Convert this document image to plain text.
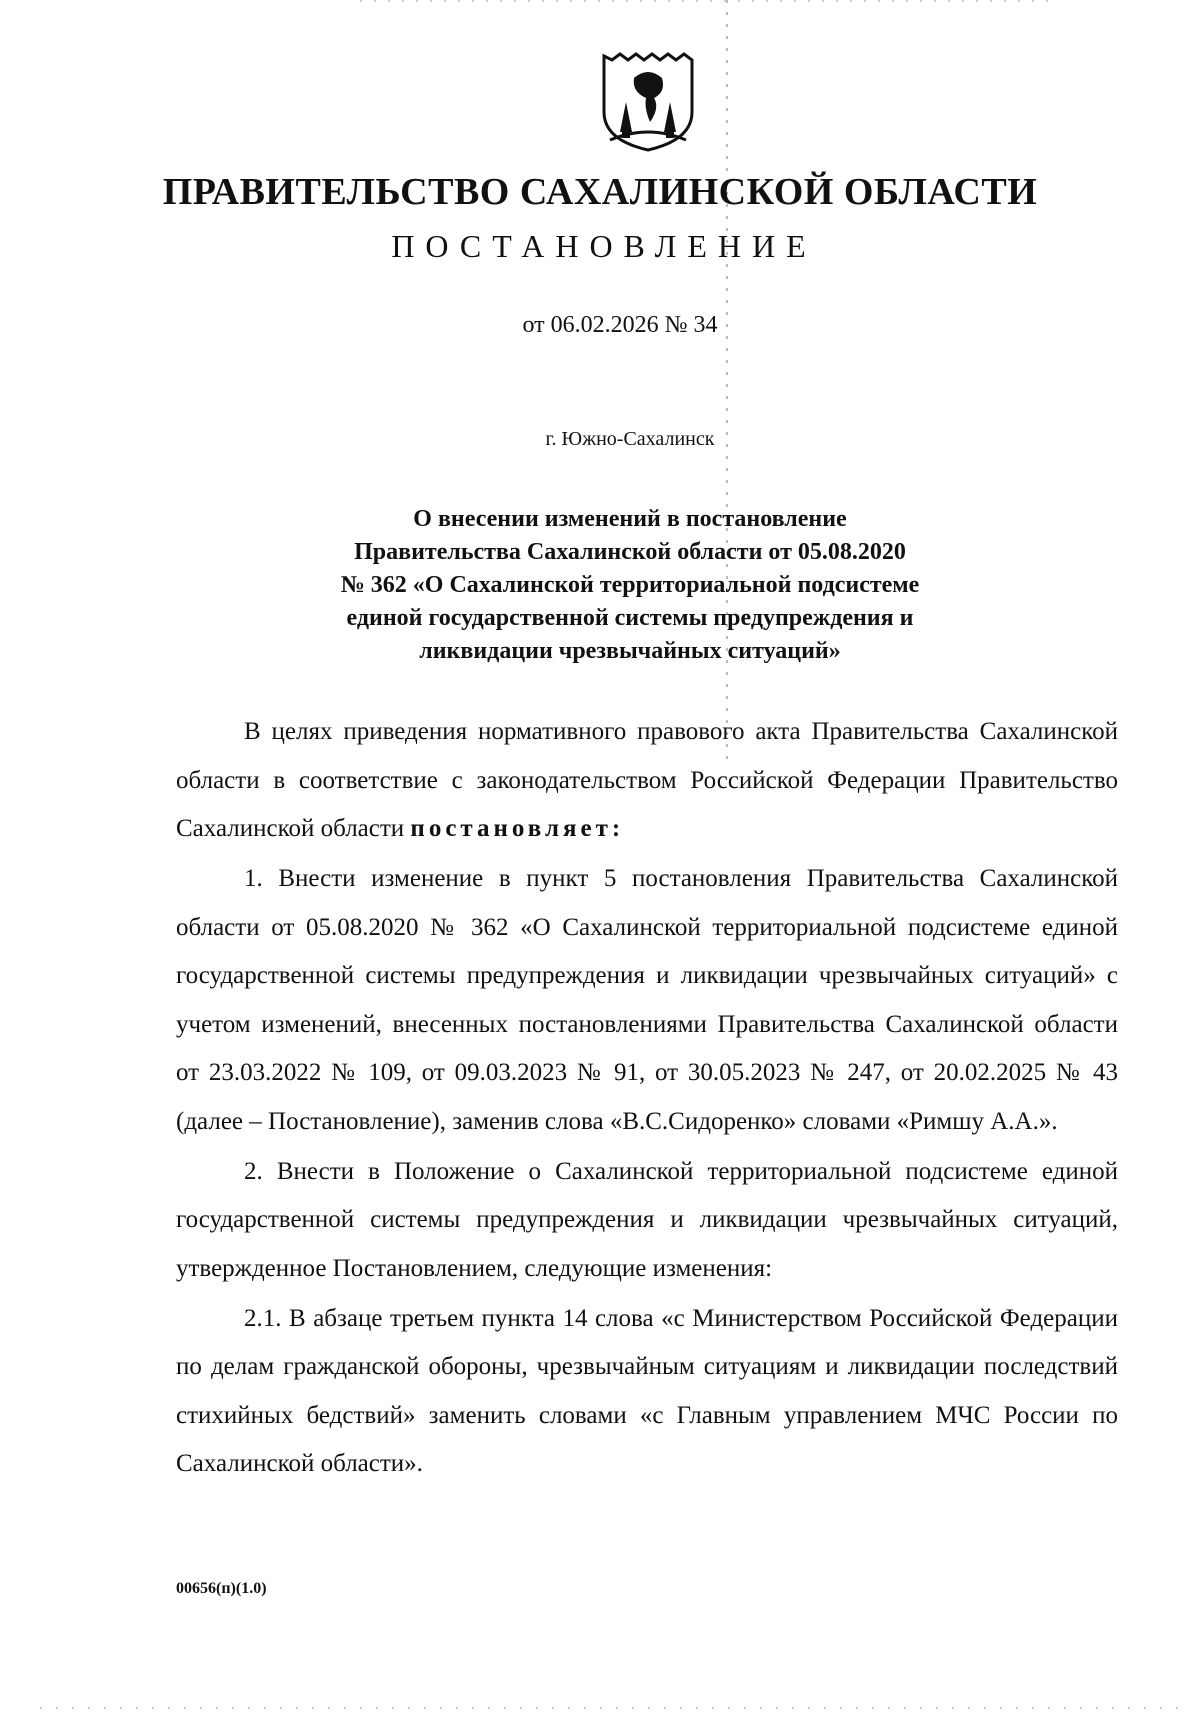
ПРАВИТЕЛЬСТВО САХАЛИНСКОЙ ОБЛАСТИ
ПОСТАНОВЛЕНИЕ
от 06.02.2026 № 34
г. Южно-Сахалинск
О внесении изменений в постановление
Правительства Сахалинской области от 05.08.2020
№ 362 «О Сахалинской территориальной подсистеме
единой государственной системы предупреждения и
ликвидации чрезвычайных ситуаций»

В целях приведения нормативного правового акта Правительства Сахалинской области в соответствие с законодательством Российской Федерации Правительство Сахалинской области постановляет:

1. Внести изменение в пункт 5 постановления Правительства Сахалинской области от 05.08.2020 № 362 «О Сахалинской территориальной подсистеме единой государственной системы предупреждения и ликвидации чрезвычайных ситуаций» с учетом изменений, внесенных постановлениями Правительства Сахалинской области от 23.03.2022 № 109, от 09.03.2023 № 91, от 30.05.2023 № 247, от 20.02.2025 № 43 (далее – Постановление), заменив слова «В.С.Сидоренко» словами «Римшу А.А.».

2. Внести в Положение о Сахалинской территориальной подсистеме единой государственной системы предупреждения и ликвидации чрезвычайных ситуаций, утвержденное Постановлением, следующие изменения:

2.1. В абзаце третьем пункта 14 слова «с Министерством Российской Федерации по делам гражданской обороны, чрезвычайным ситуациям и ликвидации последствий стихийных бедствий» заменить словами «с Главным управлением МЧС России по Сахалинской области».

00656(п)(1.0)
